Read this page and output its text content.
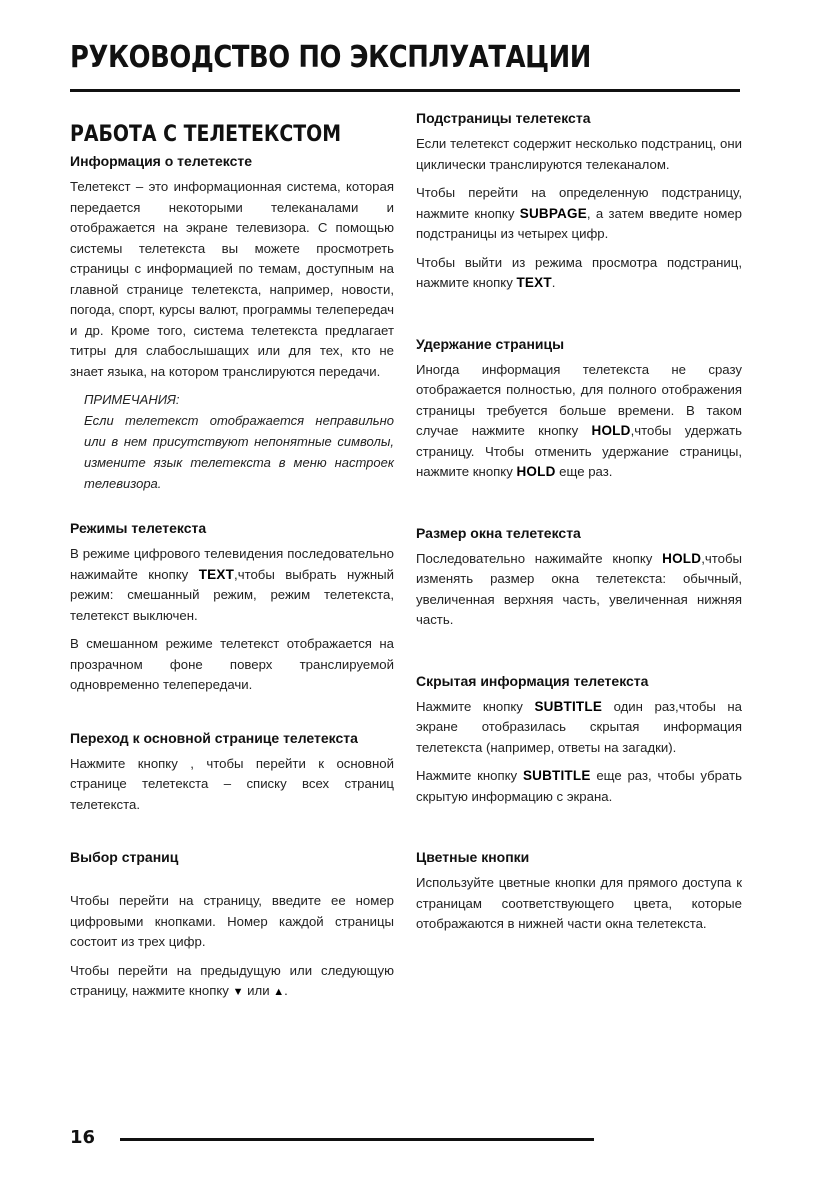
РУКОВОДСТВО ПО ЭКСПЛУАТАЦИИ
РАБОТА С ТЕЛЕТЕКСТОМ
Информация о телетексте

Телетекст – это информационная система, которая передается некоторыми телеканалами и отображается на экране телевизора. С помощью системы телетекста вы можете просмотреть страницы с информацией по темам, доступным на главной странице телетекста, например, новости, погода, спорт, курсы валют, программы телепередач и др. Кроме того, система телетекста предлагает титры для слабослышащих или для тех, кто не знает языка, на котором транслируются передачи.

ПРИМЕЧАНИЯ:
Если телетекст отображается неправильно или в нем присутствуют непонятные символы, измените язык телетекста в меню настроек телевизора.
Режимы телетекста

В режиме цифрового телевидения последовательно нажимайте кнопку TEXT,чтобы выбрать нужный режим: смешанный режим, режим телетекста, телетекст выключен.

В смешанном режиме телетекст отображается на прозрачном фоне поверх транслируемой одновременно телепередачи.

Переход к основной странице телетекста

Нажмите кнопку , чтобы перейти к основной странице телетекста – списку всех страниц телетекста.

Выбор страниц

Чтобы перейти на страницу, введите ее номер цифровыми кнопками. Номер каждой страницы состоит из трех цифр.

Чтобы перейти на предыдущую или следующую страницу, нажмите кнопку ▼ или ▲.

Подстраницы телетекста

Если телетекст содержит несколько подстраниц, они циклически транслируются телеканалом.

Чтобы перейти на определенную подстраницу, нажмите кнопку SUBPAGE, а затем введите номер подстраницы из четырех цифр.

Чтобы выйти из режима просмотра подстраниц, нажмите кнопку TEXT.

Удержание страницы

Иногда информация телетекста не сразу отображается полностью, для полного отображения страницы требуется больше времени. В таком случае нажмите кнопку HOLD,чтобы удержать страницу. Чтобы отменить удержание страницы, нажмите кнопку HOLD еще раз.

Размер окна телетекста

Последовательно нажимайте кнопку HOLD,чтобы изменять размер окна телетекста: обычный, увеличенная верхняя часть, увеличенная нижняя часть.

Скрытая информация телетекста

Нажмите кнопку SUBTITLE один раз,чтобы на экране отобразилась скрытая информация телетекста (например, ответы на загадки).

Нажмите кнопку SUBTITLE еще раз, чтобы убрать скрытую информацию с экрана.

Цветные кнопки

Используйте цветные кнопки для прямого доступа к страницам соответствующего цвета, которые отображаются в нижней части окна телетекста.

16
